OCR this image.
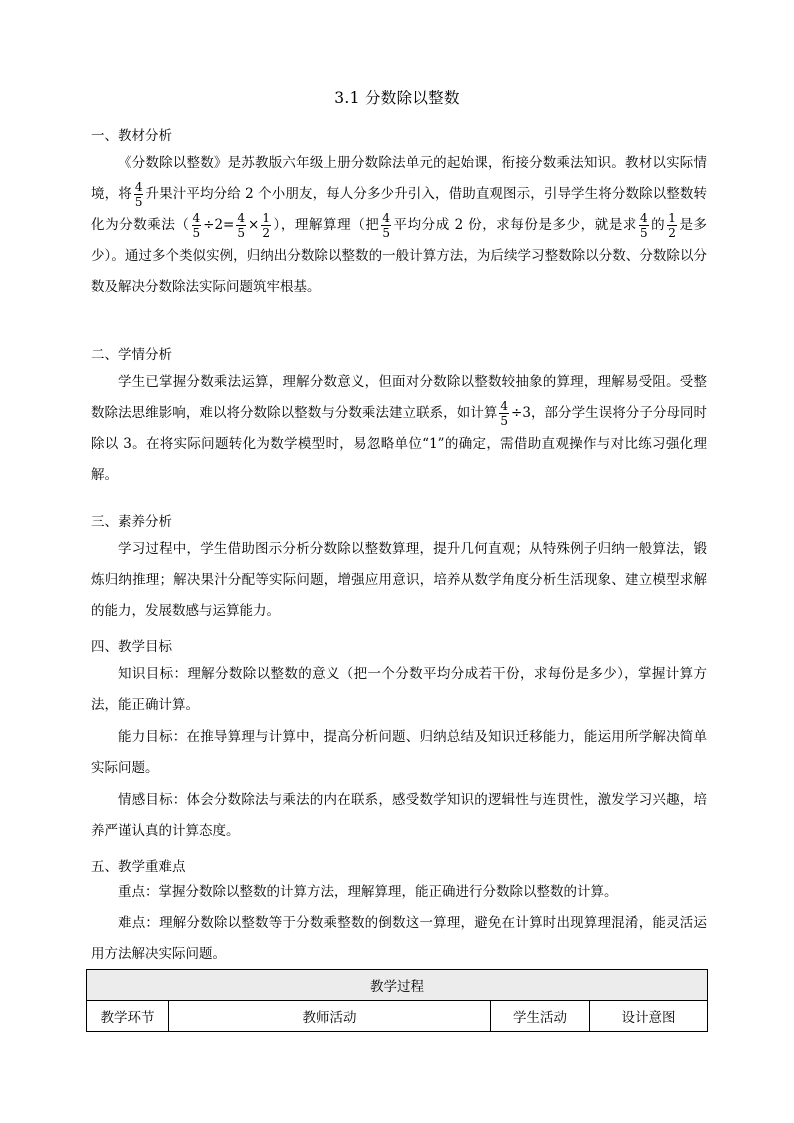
3.1 分数除以整数
一、教材分析

《分数除以整数》是苏教版六年级上册分数除法单元的起始课，衔接分数乘法知识。教材以实际情境，将 $\frac{4}{5}$ 升果汁平均分给 2 个小朋友，每人分多少升引入，借助直观图示，引导学生将分数除以整数转化为分数乘法（ $\frac{4}{5} \div 2= \frac{4}{5} \times \frac{1}{2}$ ），理解算理（把 $\frac{4}{5}$ 平均分成 2 份，求每份是多少，就是求 $\frac{4}{5}$ 的 $\frac{1}{2}$ 是多少）。通过多个类似实例，归纳出分数除以整数的一般计算方法，为后续学习整数除以分数、分数除以分数及解决分数除法实际问题筑牢根基。

二、学情分析

学生已掌握分数乘法运算，理解分数意义，但面对分数除以整数较抽象的算理，理解易受阻。受整数除法思维影响，难以将分数除以整数与分数乘法建立联系，如计算 $\frac{4}{5} \div 3$，部分学生误将分子分母同时除以 3。在将实际问题转化为数学模型时，易忽略单位“1”的确定，需借助直观操作与对比练习强化理解。

三、素养分析

学习过程中，学生借助图示分析分数除以整数算理，提升几何直观；从特殊例子归纳一般算法，锻炼归纳推理；解决果汁分配等实际问题，增强应用意识，培养从数学角度分析生活现象、建立模型求解的能力，发展数感与运算能力。

四、教学目标

知识目标：理解分数除以整数的意义（把一个分数平均分成若干份，求每份是多少），掌握计算方法，能正确计算。

能力目标：在推导算理与计算中，提高分析问题、归纳总结及知识迁移能力，能运用所学解决简单实际问题。

情感目标：体会分数除法与乘法的内在联系，感受数学知识的逻辑性与连贯性，激发学习兴趣，培养严谨认真的计算态度。

五、教学重难点

重点：掌握分数除以整数的计算方法，理解算理，能正确进行分数除以整数的计算。

难点：理解分数除以整数等于分数乘整数的倒数这一算理，避免在计算时出现算理混淆，能灵活运用方法解决实际问题。

教学过程
教学环节	教师活动	学生活动	设计意图
